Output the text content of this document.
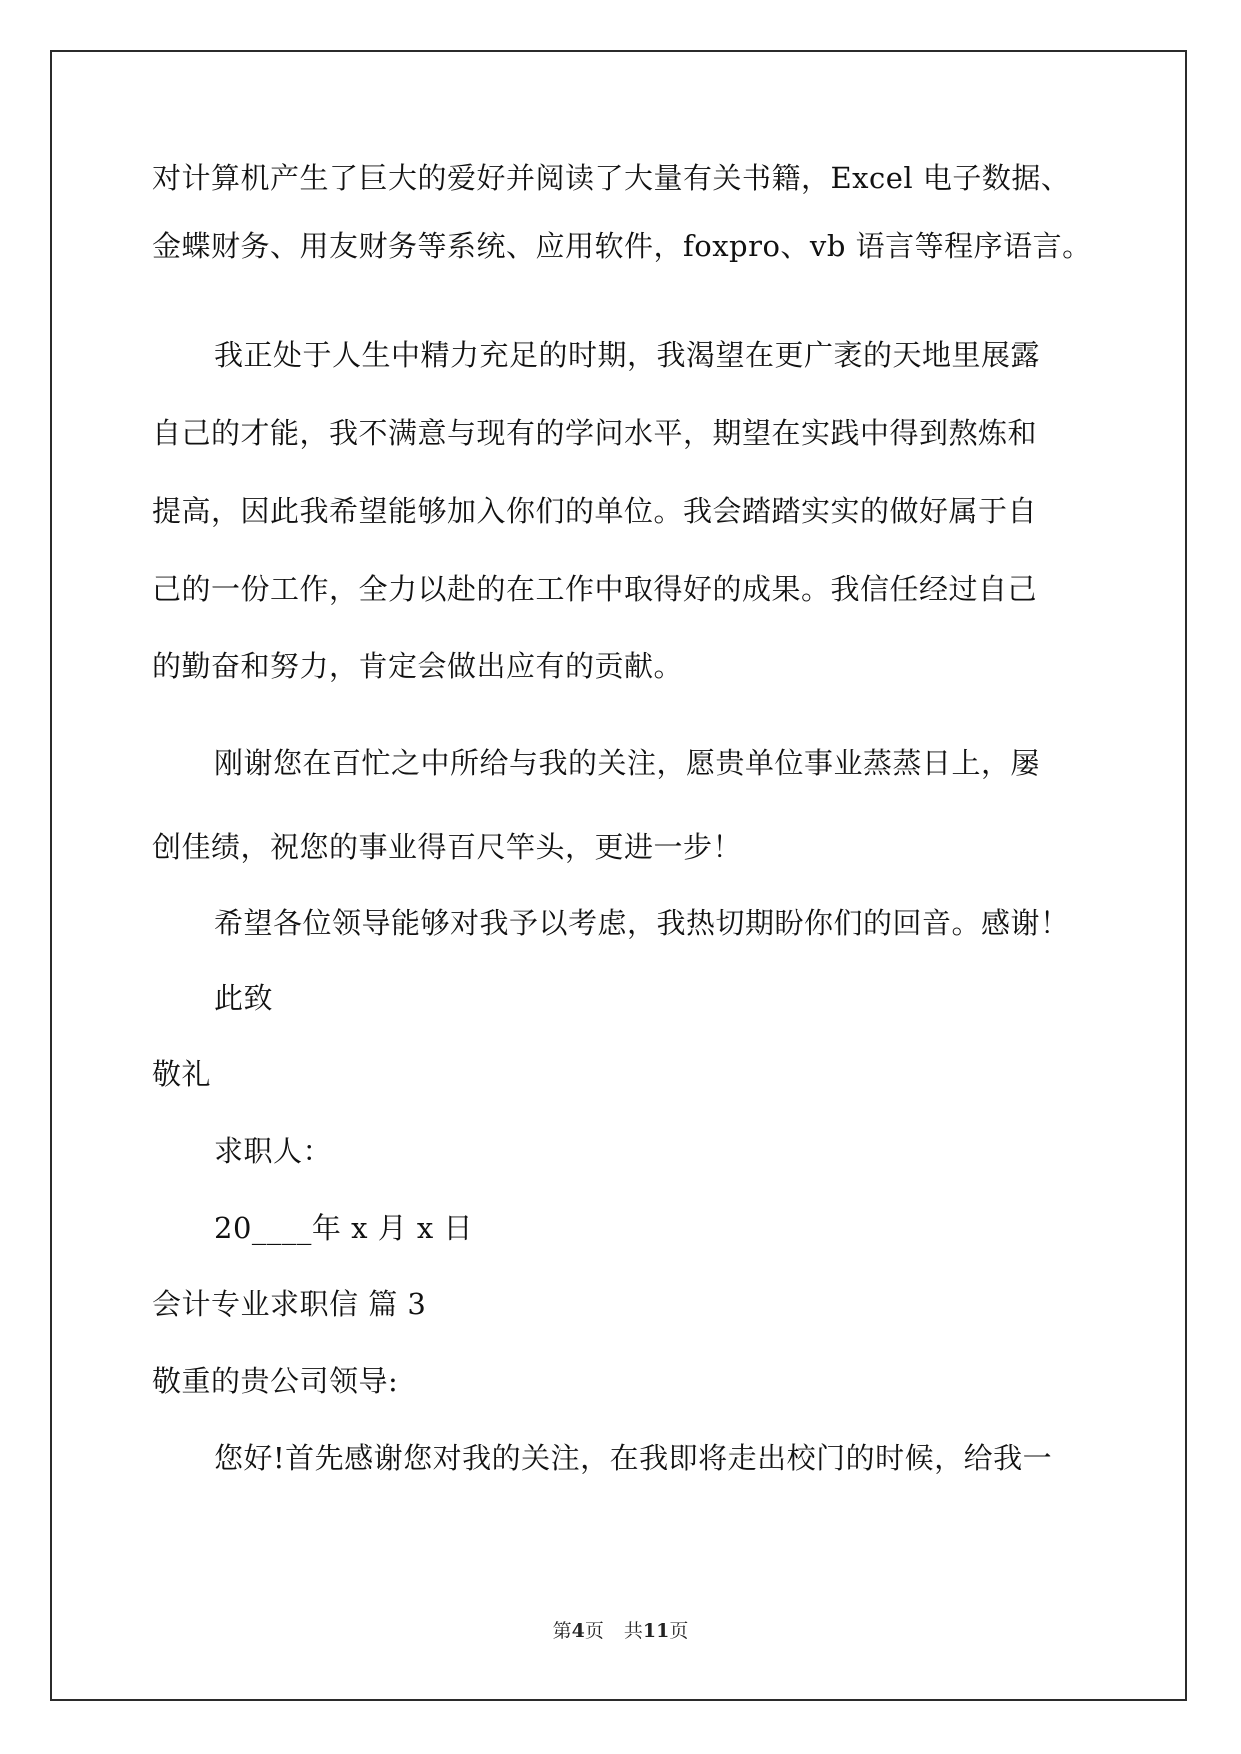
对计算机产生了巨大的爱好并阅读了大量有关书籍，Excel 电子数据、
金蝶财务、用友财务等系统、应用软件，foxpro、vb 语言等程序语言。
我正处于人生中精力充足的时期，我渴望在更广袤的天地里展露
自己的才能，我不满意与现有的学问水平，期望在实践中得到熬炼和
提高，因此我希望能够加入你们的单位。我会踏踏实实的做好属于自
己的一份工作，全力以赴的在工作中取得好的成果。我信任经过自己
的勤奋和努力，肯定会做出应有的贡献。
刚谢您在百忙之中所给与我的关注，愿贵单位事业蒸蒸日上，屡
创佳绩，祝您的事业得百尺竿头，更进一步！
希望各位领导能够对我予以考虑，我热切期盼你们的回音。感谢！
此致
敬礼
求职人：
20____年 x 月 x 日
会计专业求职信 篇 3
敬重的贵公司领导:
您好!首先感谢您对我的关注，在我即将走出校门的时候，给我一
第4页 共11页
